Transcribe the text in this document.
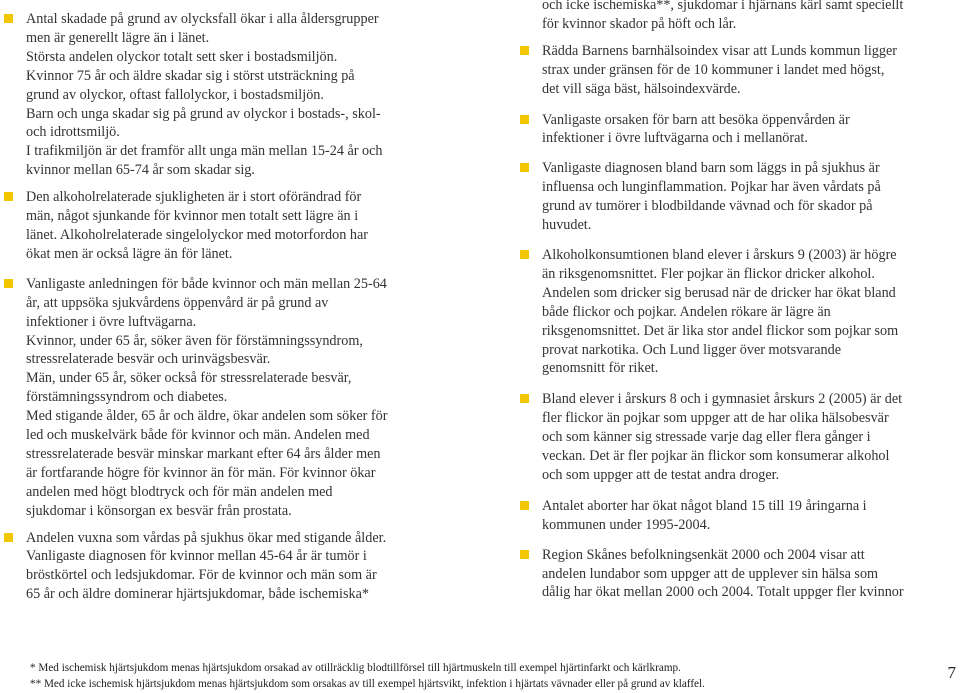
Antal skadade på grund av olycksfall ökar i alla åldersgrupper

men är generellt lägre än i länet.

Största andelen olyckor totalt sett sker i bostadsmiljön.

Kvinnor 75 år och äldre skadar sig i störst utsträckning på

grund av olyckor, oftast fallolyckor, i bostadsmiljön.

Barn och unga skadar sig på grund av olyckor i bostads-, skol-

och idrottsmiljö.

I trafikmiljön är det framför allt unga män mellan 15-24 år och

kvinnor mellan 65-74 år som skadar sig.

Den alkoholrelaterade sjukligheten är i stort oförändrad för

män, något sjunkande för kvinnor men totalt sett lägre än i

länet. Alkoholrelaterade singelolyckor med motorfordon har

ökat men är också lägre än för länet.

Vanligaste anledningen för både kvinnor och män mellan 25-64

år, att uppsöka sjukvårdens öppenvård är på grund av

infektioner i övre luftvägarna.

Kvinnor, under 65 år, söker även för förstämningssyndrom,

stressrelaterade besvär och urinvägsbesvär.

Män, under 65 år, söker också för stressrelaterade besvär,

förstämningssyndrom och diabetes.

Med stigande ålder, 65 år och äldre, ökar andelen som söker för

led och muskelvärk både för kvinnor och män. Andelen med

stressrelaterade besvär minskar markant efter 64 års ålder men

är fortfarande högre för kvinnor än för män. För kvinnor ökar

andelen med högt blodtryck och för män andelen med

sjukdomar i könsorgan ex besvär från prostata.

Andelen vuxna som vårdas på sjukhus ökar med stigande ålder.

Vanligaste diagnosen för kvinnor mellan 45-64 år är tumör i

bröstkörtel och ledsjukdomar. För de kvinnor och män som är

65 år och äldre dominerar hjärtsjukdomar, både ischemiska*

och icke ischemiska**, sjukdomar i hjärnans kärl samt speciellt

för kvinnor skador på höft och lår.

Rädda Barnens barnhälsoindex visar att Lunds kommun ligger

strax under gränsen för de 10 kommuner i landet med högst,

det vill säga bäst, hälsoindexvärde.

Vanligaste orsaken för barn att besöka öppenvården är

infektioner i övre luftvägarna och i mellanörat.

Vanligaste diagnosen bland barn som läggs in på sjukhus är

influensa och lunginflammation. Pojkar har även vårdats på

grund av tumörer i blodbildande vävnad och för skador på

huvudet.

Alkoholkonsumtionen bland elever i årskurs 9 (2003) är högre

än riksgenomsnittet. Fler pojkar än flickor dricker alkohol.

Andelen som dricker sig berusad när de dricker har ökat bland

både flickor och pojkar. Andelen rökare är lägre än

riksgenomsnittet. Det är lika stor andel flickor som pojkar som

provat narkotika. Och Lund ligger över motsvarande

genomsnitt för riket.

Bland elever i årskurs 8 och i gymnasiet årskurs 2 (2005) är det

fler flickor än pojkar som uppger att de har olika hälsobesvär

och som känner sig stressade varje dag eller flera gånger i

veckan. Det är fler pojkar än flickor som konsumerar alkohol

och som uppger att de testat andra droger.

Antalet aborter har ökat något bland 15 till 19 åringarna i

kommunen under 1995-2004.

Region Skånes befolkningsenkät 2000 och 2004 visar att

andelen lundabor som uppger att de upplever sin hälsa som

dålig har ökat mellan 2000 och 2004. Totalt uppger fler kvinnor

* Med ischemisk hjärtsjukdom menas hjärtsjukdom orsakad av otillräcklig blodtillförsel till hjärtmuskeln till exempel hjärtinfarkt och kärlkramp.

** Med icke ischemisk hjärtsjukdom menas hjärtsjukdom som orsakas av till exempel hjärtsvikt, infektion i hjärtats vävnader eller på grund av klaffel.

7
